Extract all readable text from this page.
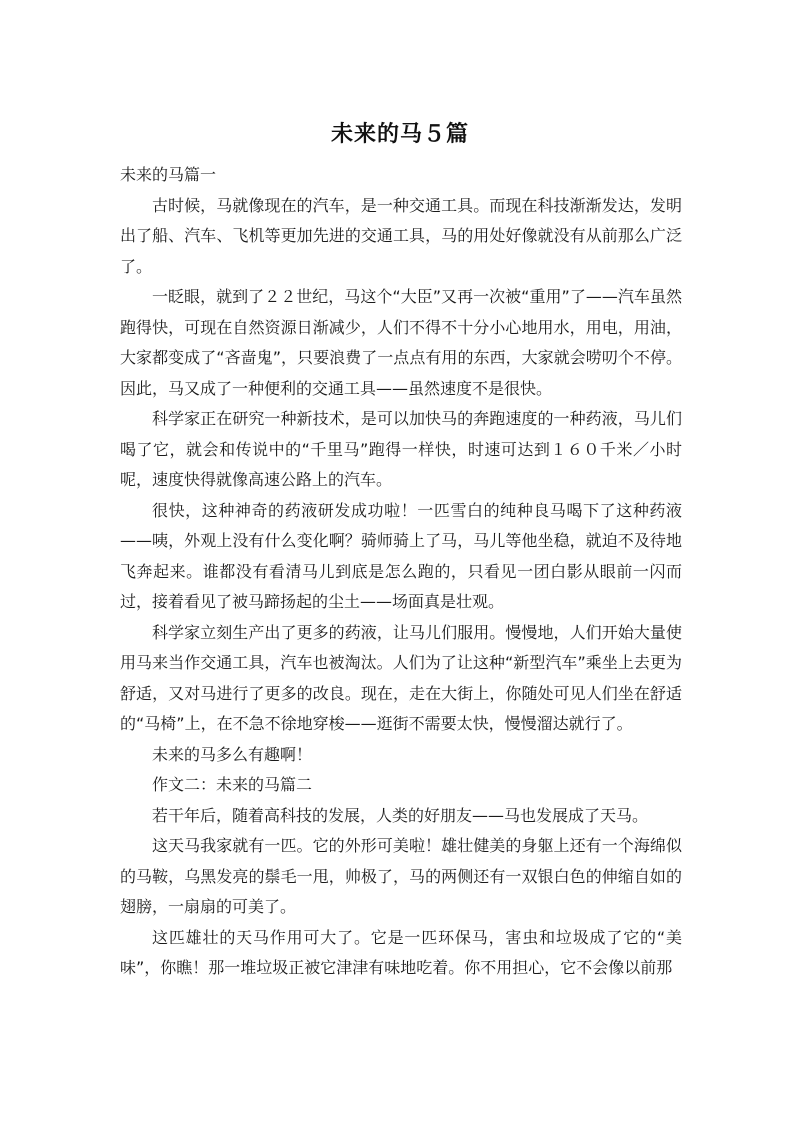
未来的马５篇

未来的马篇一

古时候，马就像现在的汽车，是一种交通工具。而现在科技渐渐发达，发明出了船、汽车、飞机等更加先进的交通工具，马的用处好像就没有从前那么广泛了。

一眨眼，就到了２２世纪，马这个“大臣”又再一次被“重用”了——汽车虽然跑得快，可现在自然资源日渐减少，人们不得不十分小心地用水，用电，用油，大家都变成了“吝啬鬼”，只要浪费了一点点有用的东西，大家就会唠叨个不停。因此，马又成了一种便利的交通工具——虽然速度不是很快。

科学家正在研究一种新技术，是可以加快马的奔跑速度的一种药液，马儿们喝了它，就会和传说中的“千里马”跑得一样快，时速可达到１６０千米／小时呢，速度快得就像高速公路上的汽车。

很快，这种神奇的药液研发成功啦！一匹雪白的纯种良马喝下了这种药液——咦，外观上没有什么变化啊？骑师骑上了马，马儿等他坐稳，就迫不及待地飞奔起来。谁都没有看清马儿到底是怎么跑的，只看见一团白影从眼前一闪而过，接着看见了被马蹄扬起的尘土——场面真是壮观。

科学家立刻生产出了更多的药液，让马儿们服用。慢慢地，人们开始大量使用马来当作交通工具，汽车也被淘汰。人们为了让这种“新型汽车”乘坐上去更为舒适，又对马进行了更多的改良。现在，走在大街上，你随处可见人们坐在舒适的“马椅”上，在不急不徐地穿梭——逛街不需要太快，慢慢溜达就行了。

未来的马多么有趣啊！

作文二：未来的马篇二

若干年后，随着高科技的发展，人类的好朋友——马也发展成了天马。

这天马我家就有一匹。它的外形可美啦！雄壮健美的身躯上还有一个海绵似的马鞍，乌黑发亮的鬃毛一甩，帅极了，马的两侧还有一双银白色的伸缩自如的翅膀，一扇扇的可美了。

这匹雄壮的天马作用可大了。它是一匹环保马，害虫和垃圾成了它的“美味”，你瞧！那一堆垃圾正被它津津有味地吃着。你不用担心，它不会像以前那
